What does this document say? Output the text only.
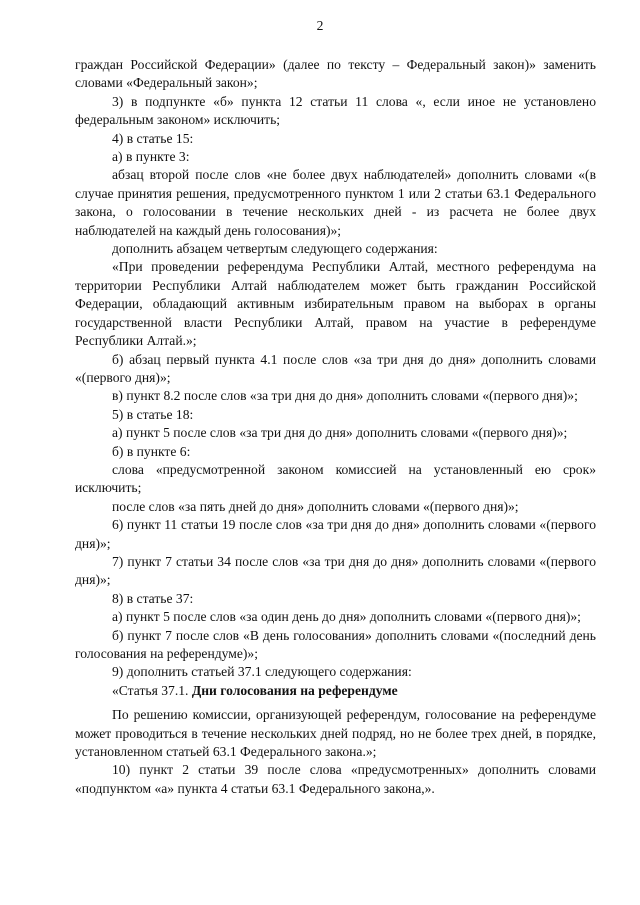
2

граждан Российской Федерации» (далее по тексту – Федеральный закон)» заменить словами «Федеральный закон»;

3) в подпункте «б» пункта 12 статьи 11 слова «, если иное не установлено федеральным законом» исключить;

4) в статье 15:

а) в пункте 3:

абзац второй после слов «не более двух наблюдателей» дополнить словами «(в случае принятия решения, предусмотренного пунктом 1 или 2 статьи 63.1 Федерального закона, о голосовании в течение нескольких дней - из расчета не более двух наблюдателей на каждый день голосования)»;

дополнить абзацем четвертым следующего содержания:

«При проведении референдума Республики Алтай, местного референдума на территории Республики Алтай наблюдателем может быть гражданин Российской Федерации, обладающий активным избирательным правом на выборах в органы государственной власти Республики Алтай, правом на участие в референдуме Республики Алтай.»;

б) абзац первый пункта 4.1 после слов «за три дня до дня» дополнить словами «(первого дня)»;

в) пункт 8.2 после слов «за три дня до дня» дополнить словами «(первого дня)»;

5) в статье 18:

а) пункт 5 после слов «за три дня до дня» дополнить словами «(первого дня)»;

б) в пункте 6:

слова «предусмотренной законом комиссией на установленный ею срок» исключить;

после слов «за пять дней до дня» дополнить словами «(первого дня)»;

6) пункт 11 статьи 19 после слов «за три дня до дня» дополнить словами «(первого дня)»;

7) пункт 7 статьи 34 после слов «за три дня до дня» дополнить словами «(первого дня)»;

8) в статье 37:

а) пункт 5 после слов «за один день до дня» дополнить словами «(первого дня)»;

б) пункт 7 после слов «В день голосования» дополнить словами «(последний день голосования на референдуме)»;

9) дополнить статьей 37.1 следующего содержания:

«Статья 37.1. Дни голосования на референдуме

По решению комиссии, организующей референдум, голосование на референдуме может проводиться в течение нескольких дней подряд, но не более трех дней, в порядке, установленном статьей 63.1 Федерального закона.»;

10) пункт 2 статьи 39 после слова «предусмотренных» дополнить словами «подпунктом «а» пункта 4 статьи 63.1 Федерального закона,».
